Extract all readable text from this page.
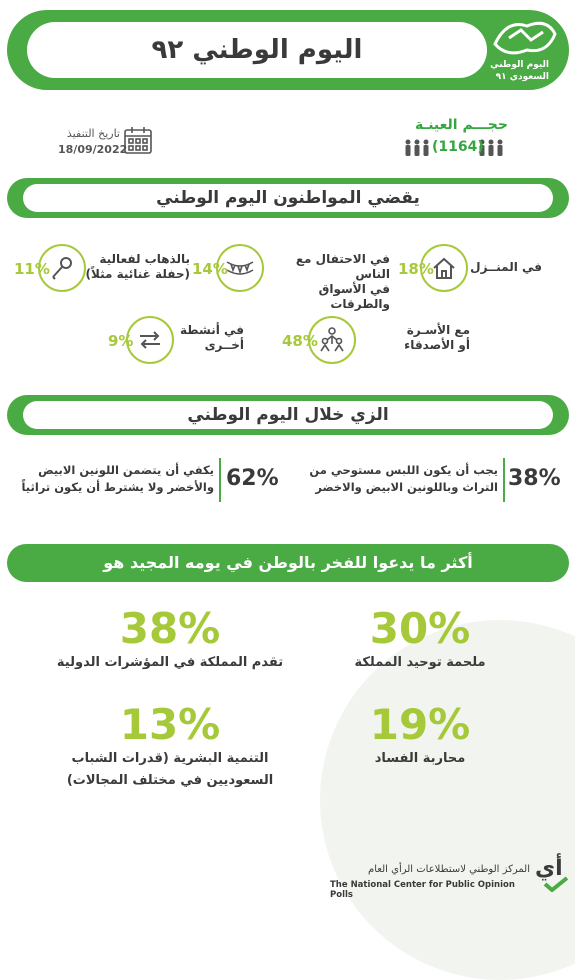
اليوم الوطني ٩٢	اليوم الوطني
السعودي ٩١
حجـــم العينـة
(1164)
تاريخ التنفيذ
18/09/2022
يقضي المواطنون اليوم الوطني
في المنــزل
18%
في الاحتفال مع الناس
في الأسواق والطرقات
14%
بالذهاب لفعالية
(حفلة غنائية مثلاً)
11%
مع الأسـرة
أو الأصدقاء
48%
في أنشطة
أخــرى
9%
الزي خلال اليوم الوطني
38%
يجب أن يكون اللبس مستوحي من
التراث وباللونين الابيض والاخضر
62%
يكفي أن يتضمن اللونين الابيض
والأخضر ولا يشترط أن يكون تراثياً
أكثر ما يدعوا للفخر بالوطن في يومه المجيد هو
30%
ملحمة توحيد المملكة
38%
تقدم المملكة في المؤشرات الدولية
19%
محاربة الفساد
13%
التنمية البشرية (قدرات الشباب
السعوديين في مختلف المجالات)
المركز الوطني لاستطلاعات الرأي العام
The National Center for Public Opinion Polls
أي
